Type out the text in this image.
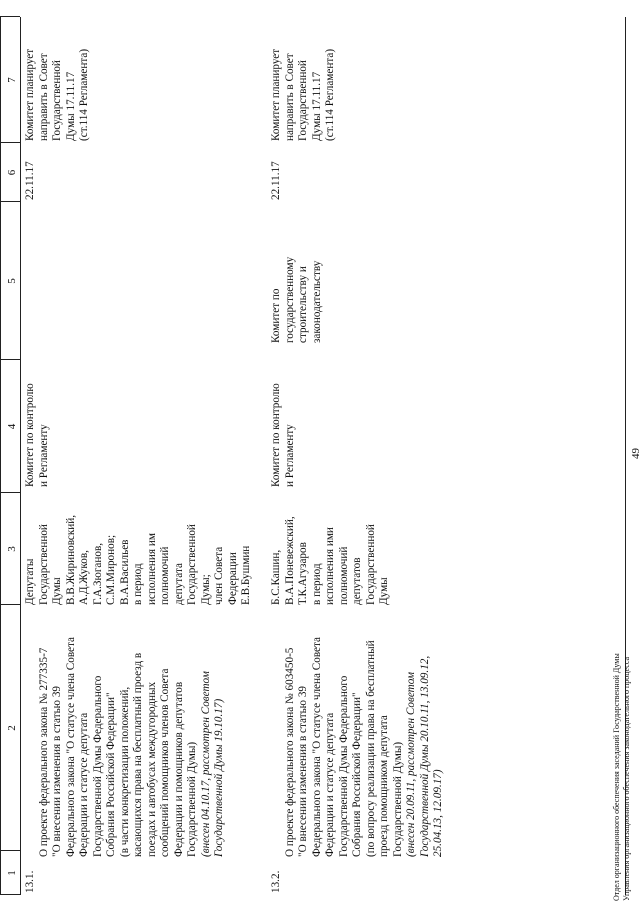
1
2
3
4
5
6
7
13.1.

О проекте федерального закона № 277335-7
"О внесении изменения в статью 39
Федерального закона "О статусе члена Совета
Федерации и статусе депутата
Государственной Думы Федерального
Собрания Российской Федерации"
(в части конкретизации положений,
касающихся права на бесплатный проезд в
поездах и автобусах междугородных
сообщений помощников членов Совета
Федерации и помощников депутатов
Государственной Думы)

(внесен 04.10.17, рассмотрен Советом
Государственной Думы 19.10.17)

Депутаты
Государственной
Думы
В.В.Жириновский,
А.Д.Жуков,
Г.А.Зюганов,
С.М.Миронов;
В.А.Васильев
в период
исполнения им
полномочий
депутата
Государственной
Думы;
член Совета
Федерации
Е.В.Бушмин
Комитет по контролю
и Регламенту
22.11.17
Комитет планирует
направить в Совет
Государственной
Думы 17.11.17
(ст.114 Регламента)
13.2.

О проекте федерального закона № 603450-5
"О внесении изменения в статью 39
Федерального закона "О статусе члена Совета
Федерации и статусе депутата
Государственной Думы Федерального
Собрания Российской Федерации"
(по вопросу реализации права на бесплатный
проезд помощником депутата
Государственной Думы)

(внесен 20.09.11, рассмотрен Советом
Государственной Думы 20.10.11, 13.09.12,
25.04.13, 12.09.17)

Б.С.Кашин,
В.А.Поневежский,
Т.К.Агузаров
в период
исполнения ими
полномочий
депутатов
Государственной
Думы
Комитет по контролю
и Регламенту
Комитет по
государственному
строительству и
законодательству
22.11.17
Комитет планирует
направить в Совет
Государственной
Думы 17.11.17
(ст.114 Регламента)
49
Отдел организационного обеспечения заседаний Государственной Думы Управления организационного обеспечения законодательного процесса
